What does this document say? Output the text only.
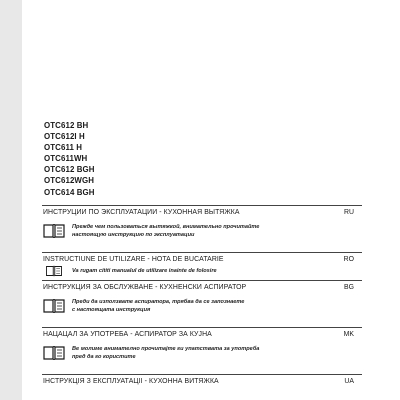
OTC612 BH
OTC612I H
OTC611 H
OTC611WH
OTC612 BGH
OTC612WGH
OTC614 BGH
ИНСТРУЦИИ ПО ЭКСПЛУАТАЦИИ - КУХОННАЯ ВЫТЯЖКА	RU
Прежде чем пользоваться вытяжкой, внимательно прочитайте
настоящую инструкцию по эксплуатации
INSTRUCTIUNE DE UTILIZARE - HOTA DE BUCATARIE	RO
Va rugam cititi manualul de utilizare inainte de folosire
ИНСТРУКЦИЯ ЗА ОБСЛУЖВАНЕ - КУХНЕНСКИ АСПИРАТОР	BG
Преди да използвате аспиратора, трябва да се запознаете
с настоящата инструкция
НАЦАЦАЛ ЗА УПОТРЕБА - АСПИРАТОР ЗА КУЈНА	MK
Ве молиме внимателно прочитајте ги упатствата за употреба
пред да го користите
ІНСТРУКЦІЯ З ЕКСПЛУАТАЦІЇ - КУХОННА ВИТЯЖКА	UA
